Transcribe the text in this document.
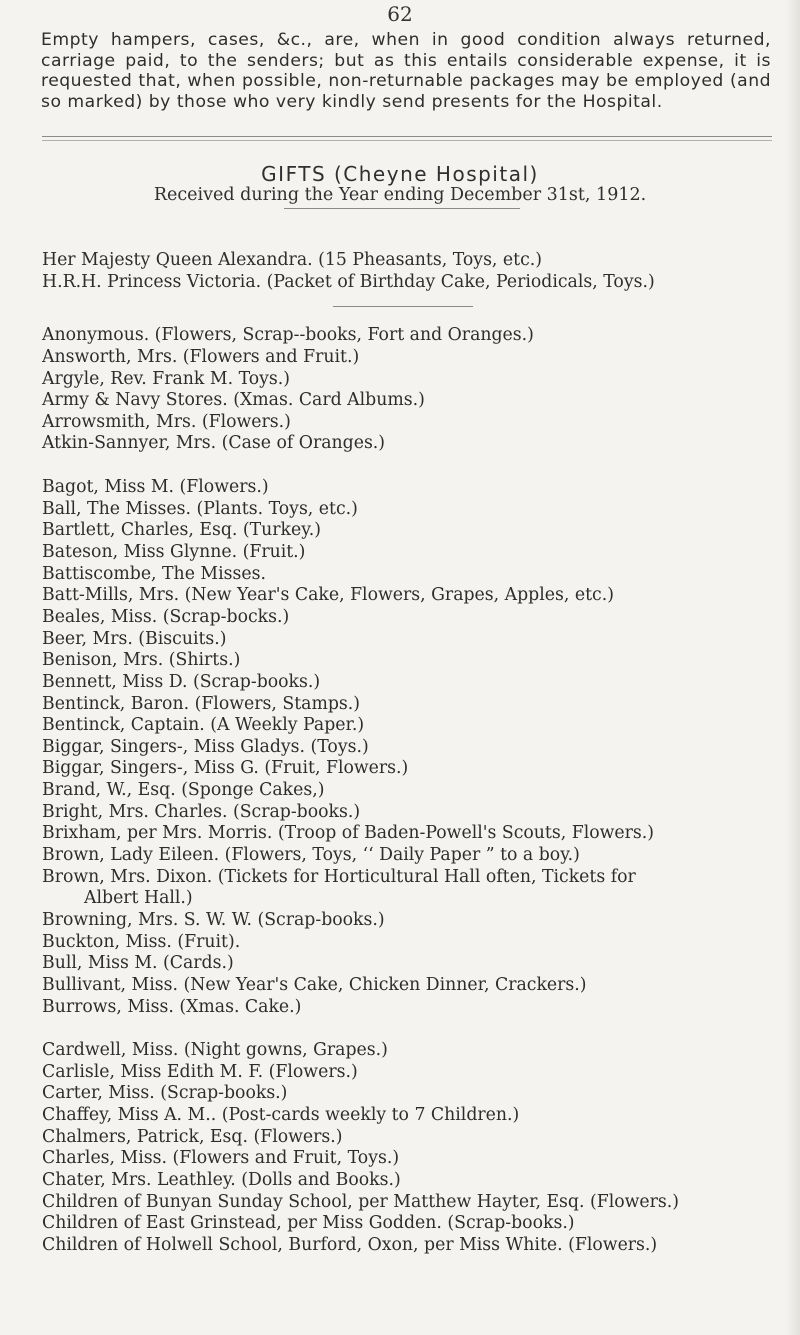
62
Empty hampers, cases, &c., are, when in good condition always returned, carriage paid, to the senders; but as this entails considerable expense, it is requested that, when possible, non-returnable packages may be employed (and so marked) by those who very kindly send presents for the Hospital.
GIFTS (Cheyne Hospital)
Received during the Year ending December 31st, 1912.
Her Majesty Queen Alexandra. (15 Pheasants, Toys, etc.)
H.R.H. Princess Victoria. (Packet of Birthday Cake, Periodicals, Toys.)
Anonymous. (Flowers, Scrap--books, Fort and Oranges.)
Answorth, Mrs. (Flowers and Fruit.)
Argyle, Rev. Frank M. Toys.)
Army & Navy Stores. (Xmas. Card Albums.)
Arrowsmith, Mrs. (Flowers.)
Atkin-Sannyer, Mrs. (Case of Oranges.)
Bagot, Miss M. (Flowers.)
Ball, The Misses. (Plants. Toys, etc.)
Bartlett, Charles, Esq. (Turkey.)
Bateson, Miss Glynne. (Fruit.)
Battiscombe, The Misses.
Batt-Mills, Mrs. (New Year's Cake, Flowers, Grapes, Apples, etc.)
Beales, Miss. (Scrap-bocks.)
Beer, Mrs. (Biscuits.)
Benison, Mrs. (Shirts.)
Bennett, Miss D. (Scrap-books.)
Bentinck, Baron. (Flowers, Stamps.)
Bentinck, Captain. (A Weekly Paper.)
Biggar, Singers-, Miss Gladys. (Toys.)
Biggar, Singers-, Miss G. (Fruit, Flowers.)
Brand, W., Esq. (Sponge Cakes,)
Bright, Mrs. Charles. (Scrap-books.)
Brixham, per Mrs. Morris. (Troop of Baden-Powell's Scouts, Flowers.)
Brown, Lady Eileen. (Flowers, Toys, ‘‘ Daily Paper ” to a boy.)
Brown, Mrs. Dixon. (Tickets for Horticultural Hall often, Tickets for
Albert Hall.)
Browning, Mrs. S. W. W. (Scrap-books.)
Buckton, Miss. (Fruit).
Bull, Miss M. (Cards.)
Bullivant, Miss. (New Year's Cake, Chicken Dinner, Crackers.)
Burrows, Miss. (Xmas. Cake.)
Cardwell, Miss. (Night gowns, Grapes.)
Carlisle, Miss Edith M. F. (Flowers.)
Carter, Miss. (Scrap-books.)
Chaffey, Miss A. M.. (Post-cards weekly to 7 Children.)
Chalmers, Patrick, Esq. (Flowers.)
Charles, Miss. (Flowers and Fruit, Toys.)
Chater, Mrs. Leathley. (Dolls and Books.)
Children of Bunyan Sunday School, per Matthew Hayter, Esq. (Flowers.)
Children of East Grinstead, per Miss Godden. (Scrap-books.)
Children of Holwell School, Burford, Oxon, per Miss White. (Flowers.)
